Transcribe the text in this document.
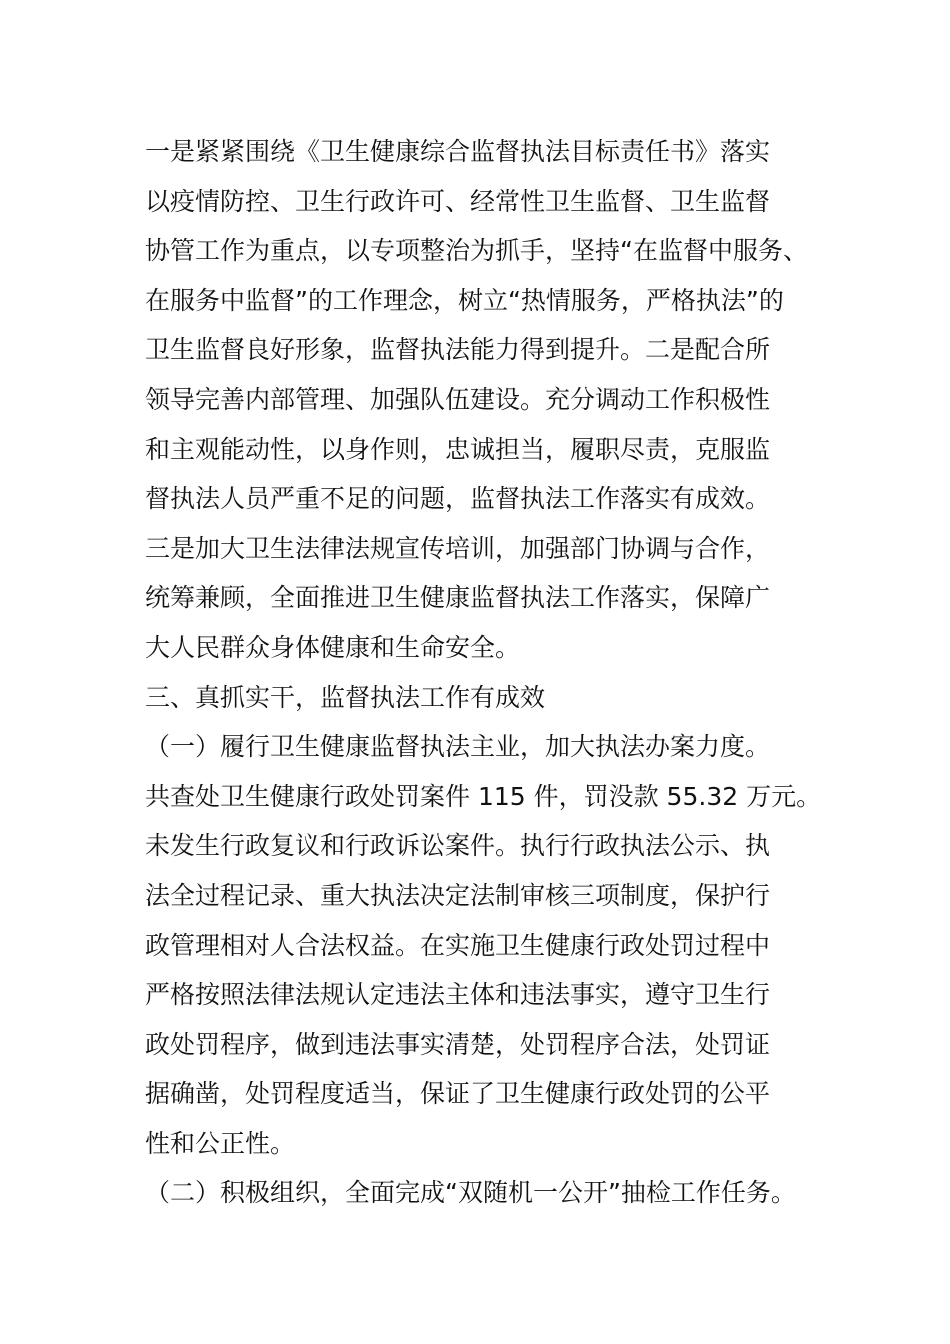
一是紧紧围绕《卫生健康综合监督执法目标责任书》落实
以疫情防控、卫生行政许可、经常性卫生监督、卫生监督
协管工作为重点，以专项整治为抓手，坚持“在监督中服务、
在服务中监督”的工作理念，树立“热情服务，严格执法”的
卫生监督良好形象，监督执法能力得到提升。二是配合所
领导完善内部管理、加强队伍建设。充分调动工作积极性
和主观能动性，以身作则，忠诚担当，履职尽责，克服监
督执法人员严重不足的问题，监督执法工作落实有成效。
三是加大卫生法律法规宣传培训，加强部门协调与合作，
统筹兼顾，全面推进卫生健康监督执法工作落实，保障广
大人民群众身体健康和生命安全。
三、真抓实干，监督执法工作有成效
（一）履行卫生健康监督执法主业，加大执法办案力度。
共查处卫生健康行政处罚案件 115 件，罚没款 55.32 万元。
未发生行政复议和行政诉讼案件。执行行政执法公示、执
法全过程记录、重大执法决定法制审核三项制度，保护行
政管理相对人合法权益。在实施卫生健康行政处罚过程中
严格按照法律法规认定违法主体和违法事实，遵守卫生行
政处罚程序，做到违法事实清楚，处罚程序合法，处罚证
据确凿，处罚程度适当，保证了卫生健康行政处罚的公平
性和公正性。
（二）积极组织，全面完成“双随机一公开”抽检工作任务。
